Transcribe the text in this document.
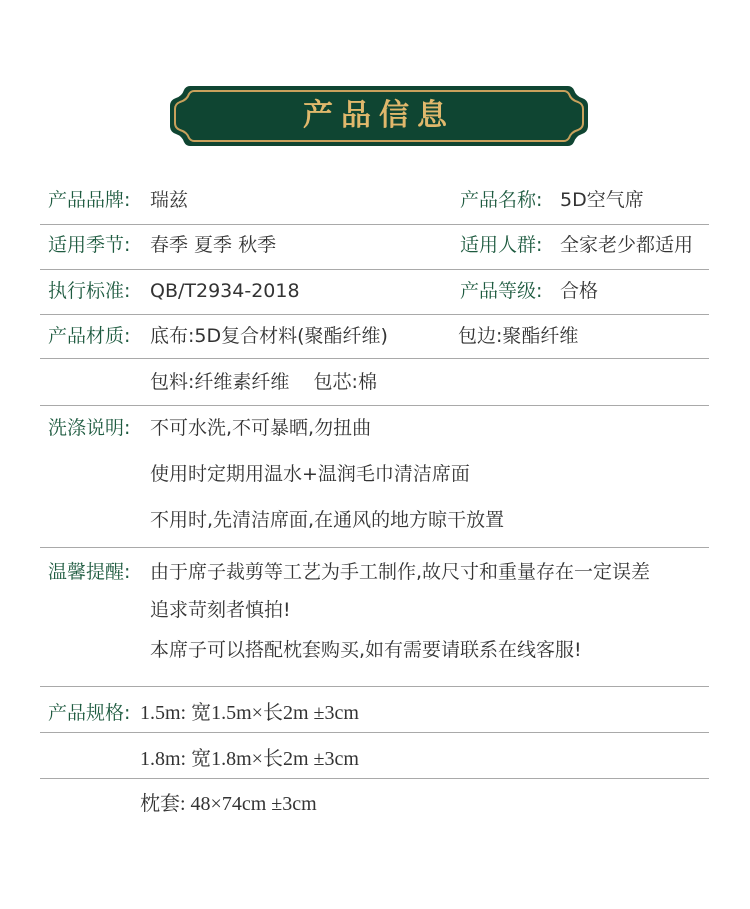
产品信息
产品品牌: 瑞兹	产品名称: 5D空气席
适用季节: 春季 夏季 秋季	适用人群: 全家老少都适用
执行标准: QB/T2934-2018	产品等级: 合格
产品材质: 底布:5D复合材料(聚酯纤维)	包边:聚酯纤维
包料:纤维素纤维    包芯:棉
洗涤说明: 不可水洗,不可暴晒,勿扭曲
使用时定期用温水+温润毛巾清洁席面
不用时,先清洁席面,在通风的地方晾干放置
温馨提醒: 由于席子裁剪等工艺为手工制作,故尺寸和重量存在一定误差
追求苛刻者慎拍!
本席子可以搭配枕套购买,如有需要请联系在线客服!
产品规格: 1.5m: 宽1.5m×长2m ±3cm
1.8m: 宽1.8m×长2m ±3cm
枕套: 48×74cm ±3cm
